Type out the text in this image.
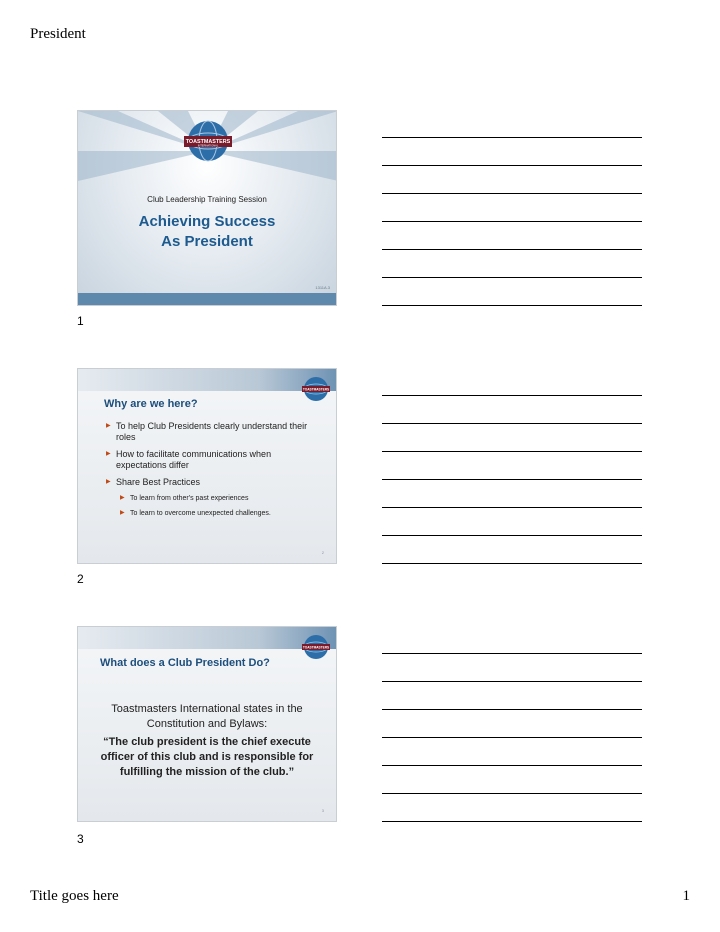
President
TOASTMASTERS
INTERNATIONAL
Club Leadership Training Session
Achieving Success
As President
1311A.3
1
TOASTMASTERS
Why are we here?
▶ To help Club Presidents clearly understand their roles
▶ How to facilitate communications when expectations differ
▶ Share Best Practices
▶ To learn from other's past experiences
▶ To learn to overcome unexpected challenges.
2
2
TOASTMASTERS
What does a Club President Do?
Toastmasters International states in the Constitution and Bylaws:
“The club president is the chief execute officer of this club and is responsible for fulfilling the mission of the club.”
3
3
Title goes here	1
